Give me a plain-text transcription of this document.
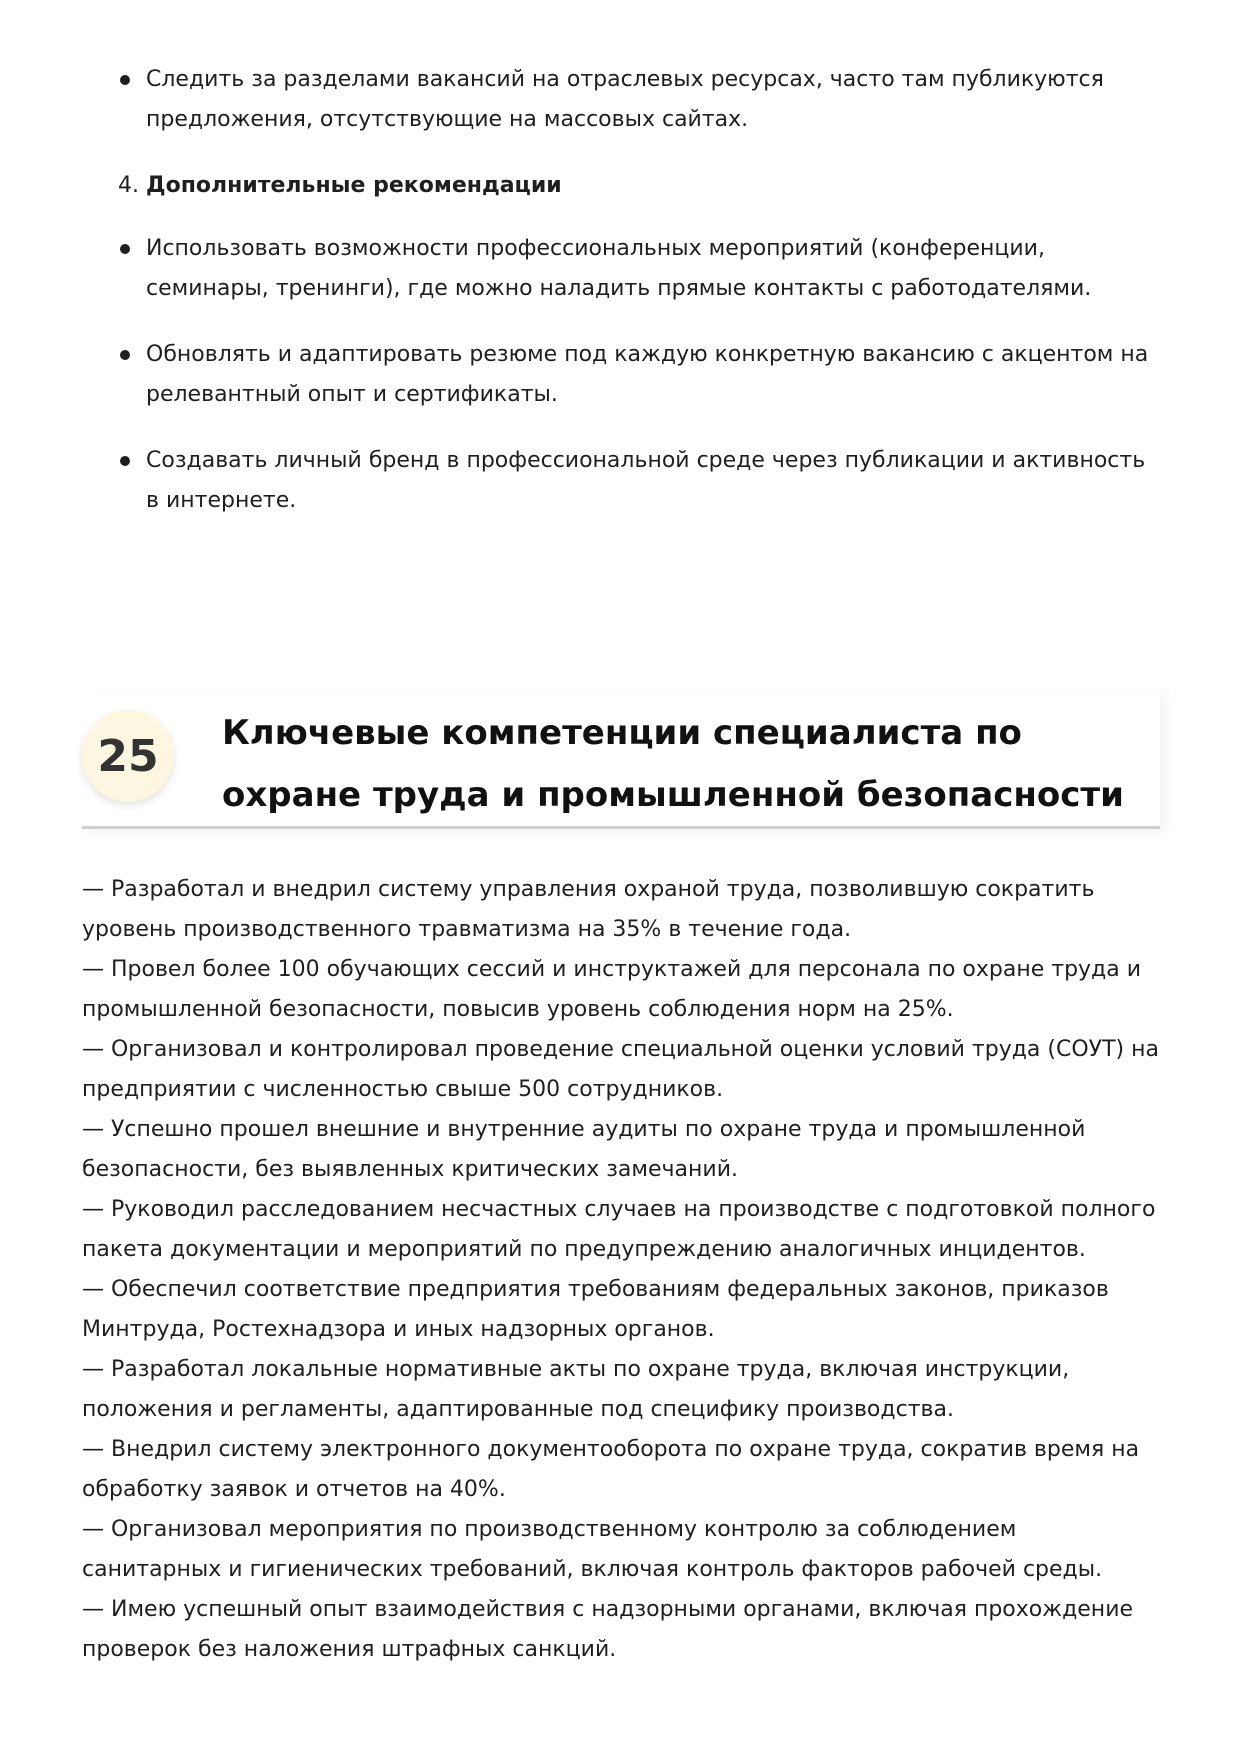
Следить за разделами вакансий на отраслевых ресурсах, часто там публикуются предложения, отсутствующие на массовых сайтах.

4. Дополнительные рекомендации

Использовать возможности профессиональных мероприятий (конференции, семинары, тренинги), где можно наладить прямые контакты с работодателями.
Обновлять и адаптировать резюме под каждую конкретную вакансию с акцентом на релевантный опыт и сертификаты.
Создавать личный бренд в профессиональной среде через публикации и активность в интернете.
25	Ключевые компетенции специалиста по охране труда и промышленной безопасности
— Разработал и внедрил систему управления охраной труда, позволившую сократить уровень производственного травматизма на 35% в течение года.
— Провел более 100 обучающих сессий и инструктажей для персонала по охране труда и промышленной безопасности, повысив уровень соблюдения норм на 25%.
— Организовал и контролировал проведение специальной оценки условий труда (СОУТ) на предприятии с численностью свыше 500 сотрудников.
— Успешно прошел внешние и внутренние аудиты по охране труда и промышленной безопасности, без выявленных критических замечаний.
— Руководил расследованием несчастных случаев на производстве с подготовкой полного пакета документации и мероприятий по предупреждению аналогичных инцидентов.
— Обеспечил соответствие предприятия требованиям федеральных законов, приказов Минтруда, Ростехнадзора и иных надзорных органов.
— Разработал локальные нормативные акты по охране труда, включая инструкции, положения и регламенты, адаптированные под специфику производства.
— Внедрил систему электронного документооборота по охране труда, сократив время на обработку заявок и отчетов на 40%.
— Организовал мероприятия по производственному контролю за соблюдением санитарных и гигиенических требований, включая контроль факторов рабочей среды.
— Имею успешный опыт взаимодействия с надзорными органами, включая прохождение проверок без наложения штрафных санкций.
